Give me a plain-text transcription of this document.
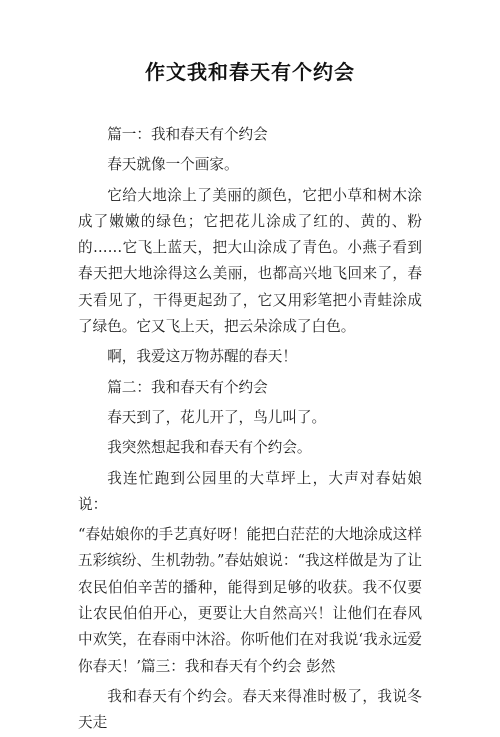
作文我和春天有个约会

篇一：我和春天有个约会

春天就像一个画家。

它给大地涂上了美丽的颜色，它把小草和树木涂成了嫩嫩的绿色；它把花儿涂成了红的、黄的、粉的……它飞上蓝天，把大山涂成了青色。小燕子看到春天把大地涂得这么美丽，也都高兴地飞回来了，春天看见了，干得更起劲了，它又用彩笔把小青蛙涂成了绿色。它又飞上天，把云朵涂成了白色。

啊，我爱这万物苏醒的春天！

篇二：我和春天有个约会

春天到了，花儿开了，鸟儿叫了。

我突然想起我和春天有个约会。

我连忙跑到公园里的大草坪上，大声对春姑娘说：

“春姑娘你的手艺真好呀！能把白茫茫的大地涂成这样五彩缤纷、生机勃勃。”春姑娘说：“我这样做是为了让农民伯伯辛苦的播种，能得到足够的收获。我不仅要让农民伯伯开心，更要让大自然高兴！让他们在春风中欢笑，在春雨中沐浴。你听他们在对我说‘我永远爱你春天！’篇三：我和春天有个约会 彭然

我和春天有个约会。春天来得准时极了，我说冬天走
